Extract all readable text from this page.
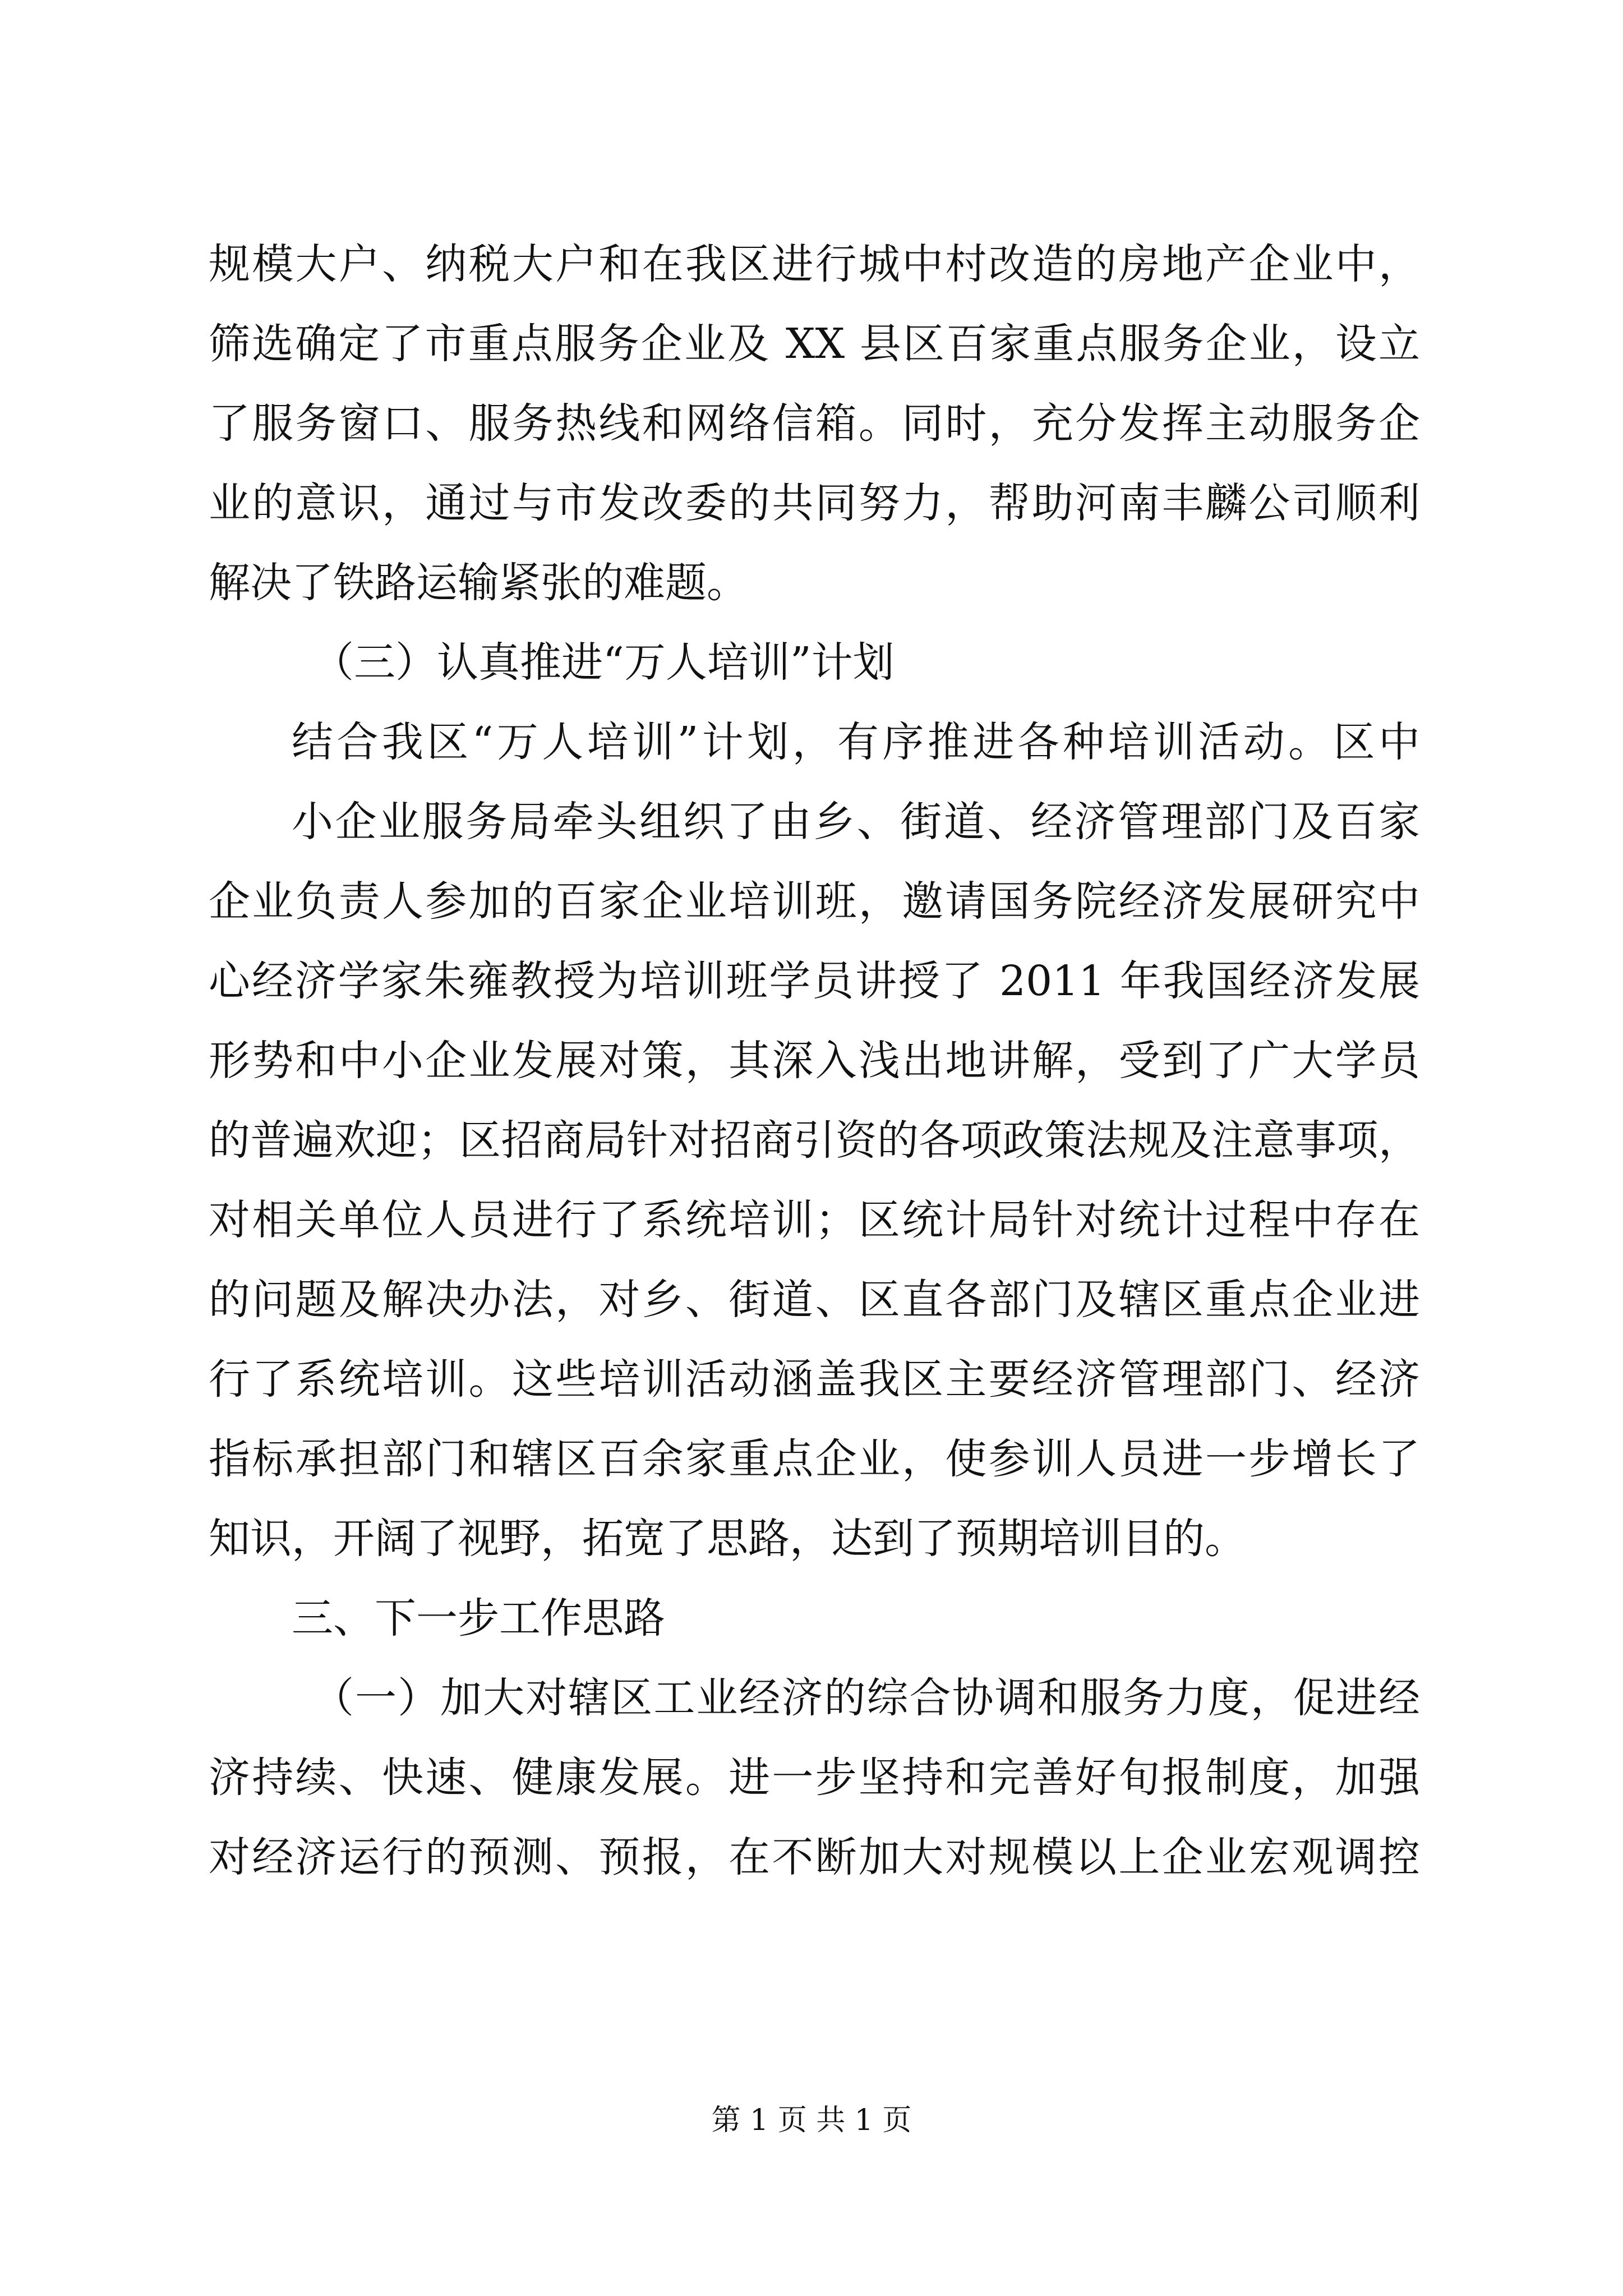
规模大户、纳税大户和在我区进行城中村改造的房地产企业中，
筛选确定了市重点服务企业及 XX 县区百家重点服务企业，设立
了服务窗口、服务热线和网络信箱。同时，充分发挥主动服务企
业的意识，通过与市发改委的共同努力，帮助河南丰麟公司顺利
解决了铁路运输紧张的难题。
（三）认真推进“万人培训”计划
结合我区“万人培训”计划，有序推进各种培训活动。区中
小企业服务局牵头组织了由乡、街道、经济管理部门及百家
企业负责人参加的百家企业培训班，邀请国务院经济发展研究中
心经济学家朱雍教授为培训班学员讲授了 2011 年我国经济发展
形势和中小企业发展对策，其深入浅出地讲解，受到了广大学员
的普遍欢迎；区招商局针对招商引资的各项政策法规及注意事项，
对相关单位人员进行了系统培训；区统计局针对统计过程中存在
的问题及解决办法，对乡、街道、区直各部门及辖区重点企业进
行了系统培训。这些培训活动涵盖我区主要经济管理部门、经济
指标承担部门和辖区百余家重点企业，使参训人员进一步增长了
知识，开阔了视野，拓宽了思路，达到了预期培训目的。
三、下一步工作思路
（一）加大对辖区工业经济的综合协调和服务力度，促进经
济持续、快速、健康发展。进一步坚持和完善好旬报制度，加强
对经济运行的预测、预报，在不断加大对规模以上企业宏观调控
第 1 页 共 1 页
